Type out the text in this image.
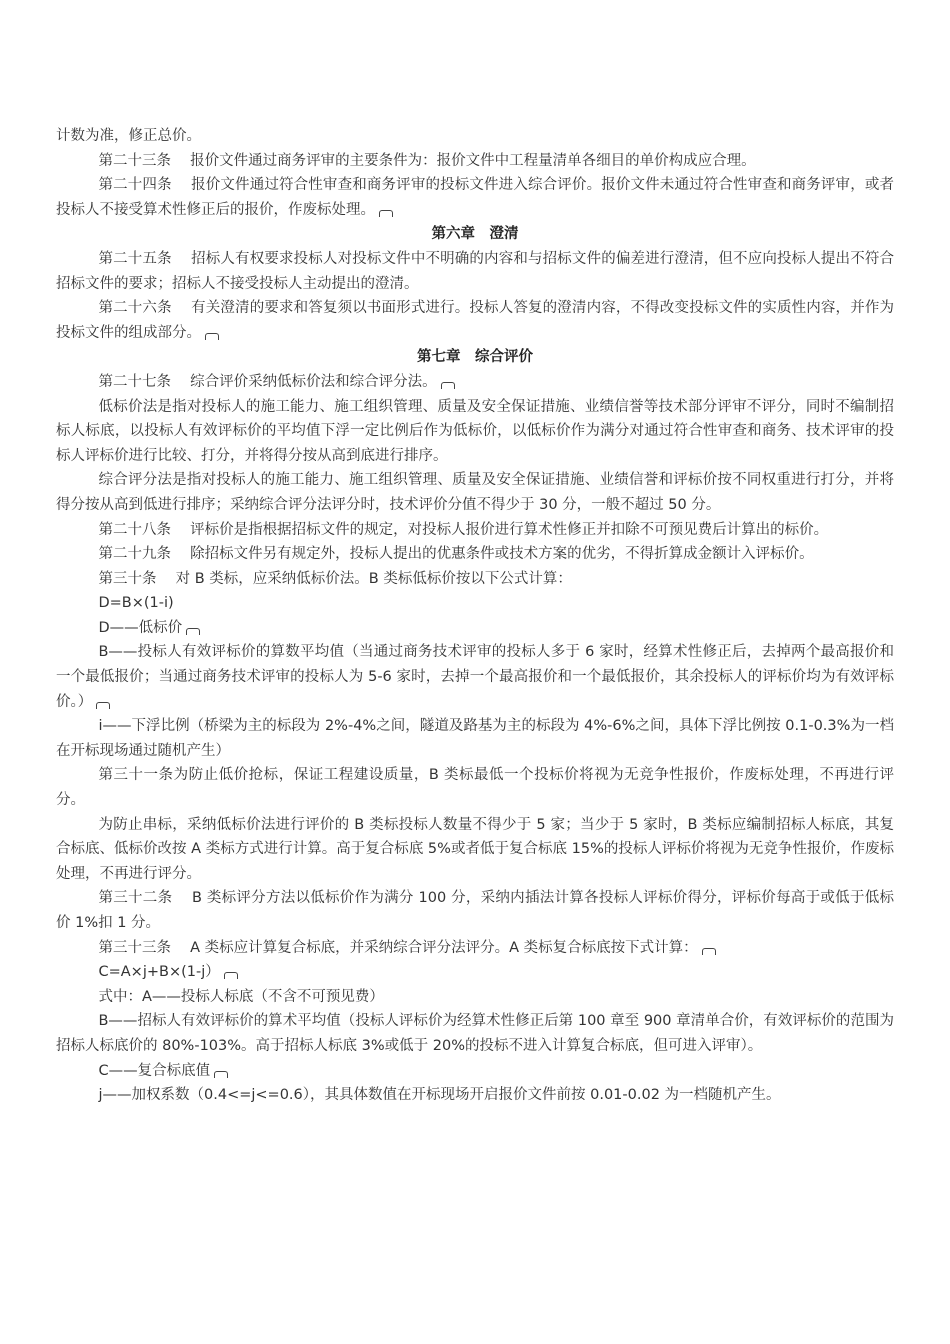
计数为准，修正总价。

第二十三条　 报价文件通过商务评审的主要条件为：报价文件中工程量清单各细目的单价构成应合理。

第二十四条　 报价文件通过符合性审查和商务评审的投标文件进入综合评价。报价文件未通过符合性审查和商务评审，或者投标人不接受算术性修正后的报价，作废标处理。

第六章　澄清

第二十五条　 招标人有权要求投标人对投标文件中不明确的内容和与招标文件的偏差进行澄清，但不应向投标人提出不符合招标文件的要求；招标人不接受投标人主动提出的澄清。

第二十六条　 有关澄清的要求和答复须以书面形式进行。投标人答复的澄清内容，不得改变投标文件的实质性内容，并作为投标文件的组成部分。

第七章　综合评价

第二十七条　 综合评价采纳低标价法和综合评分法。

低标价法是指对投标人的施工能力、施工组织管理、质量及安全保证措施、业绩信誉等技术部分评审不评分，同时不编制招标人标底，以投标人有效评标价的平均值下浮一定比例后作为低标价，以低标价作为满分对通过符合性审查和商务、技术评审的投标人评标价进行比较、打分，并将得分按从高到底进行排序。

综合评分法是指对投标人的施工能力、施工组织管理、质量及安全保证措施、业绩信誉和评标价按不同权重进行打分，并将得分按从高到低进行排序；采纳综合评分法评分时，技术评价分值不得少于 30 分，一般不超过 50 分。

第二十八条　 评标价是指根据招标文件的规定，对投标人报价进行算术性修正并扣除不可预见费后计算出的标价。

第二十九条　 除招标文件另有规定外，投标人提出的优惠条件或技术方案的优劣，不得折算成金额计入评标价。

第三十条　 对 B 类标，应采纳低标价法。B 类标低标价按以下公式计算：

D=B×(1-i)

D——低标价

B——投标人有效评标价的算数平均值（当通过商务技术评审的投标人多于 6 家时，经算术性修正后，去掉两个最高报价和一个最低报价；当通过商务技术评审的投标人为 5-6 家时，去掉一个最高报价和一个最低报价，其余投标人的评标价均为有效评标价。）

i——下浮比例（桥梁为主的标段为 2%-4%之间，隧道及路基为主的标段为 4%-6%之间，具体下浮比例按 0.1-0.3%为一档在开标现场通过随机产生）

第三十一条为防止低价抢标，保证工程建设质量，B 类标最低一个投标价将视为无竞争性报价，作废标处理，不再进行评分。

为防止串标，采纳低标价法进行评价的 B 类标投标人数量不得少于 5 家；当少于 5 家时，B 类标应编制招标人标底，其复合标底、低标价改按 A 类标方式进行计算。高于复合标底 5%或者低于复合标底 15%的投标人评标价将视为无竞争性报价，作废标处理，不再进行评分。

第三十二条　 B 类标评分方法以低标价作为满分 100 分，采纳内插法计算各投标人评标价得分，评标价每高于或低于低标价 1%扣 1 分。

第三十三条　 A 类标应计算复合标底，并采纳综合评分法评分。A 类标复合标底按下式计算：

C=A×j+B×(1-j）

式中：A——投标人标底（不含不可预见费）

B——招标人有效评标价的算术平均值（投标人评标价为经算术性修正后第 100 章至 900 章清单合价，有效评标价的范围为招标人标底价的 80%-103%。高于招标人标底 3%或低于 20%的投标不进入计算复合标底，但可进入评审）。

C——复合标底值

j——加权系数（0.4<=j<=0.6），其具体数值在开标现场开启报价文件前按 0.01-0.02 为一档随机产生。
